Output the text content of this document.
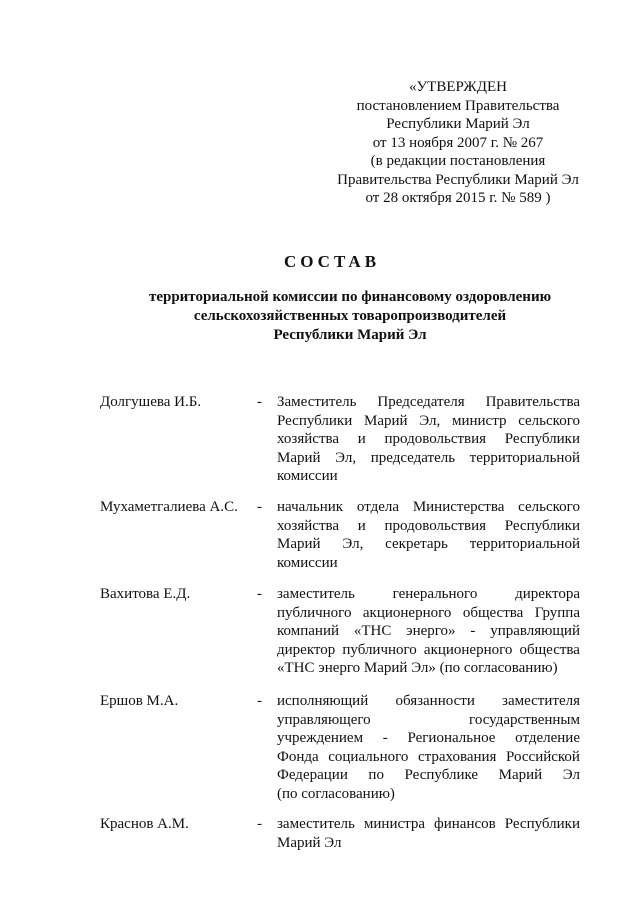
«УТВЕРЖДЕН
постановлением Правительства
Республики Марий Эл
от 13 ноября 2007 г. № 267
(в редакции постановления
Правительства Республики Марий Эл
от 28 октября 2015 г. № 589 )
СОСТАВ
территориальной комиссии по финансовому оздоровлению
сельскохозяйственных товаропроизводителей
Республики Марий Эл
Долгушева И.Б.	- Заместитель Председателя Правительства
Республики Марий Эл, министр сельского
хозяйства и продовольствия Республики
Марий Эл, председатель территориальной
комиссии
Мухаметгалиева А.С. - начальник отдела Министерства сельского
хозяйства и продовольствия Республики
Марий Эл, секретарь территориальной
комиссии
Вахитова Е.Д.	- заместитель	генерального	директора
публичного акционерного общества Группа
компаний «ТНС энерго» - управляющий
директор публичного акционерного общества
«ТНС энерго Марий Эл» (по согласованию)
Ершов М.А.	- исполняющий обязанности заместителя
управляющего	государственным
учреждением - Региональное отделение
Фонда социального страхования Российской
Федерации по Республике Марий Эл
(по согласованию)
Краснов А.М.	- заместитель министра финансов Республики
Марий Эл
